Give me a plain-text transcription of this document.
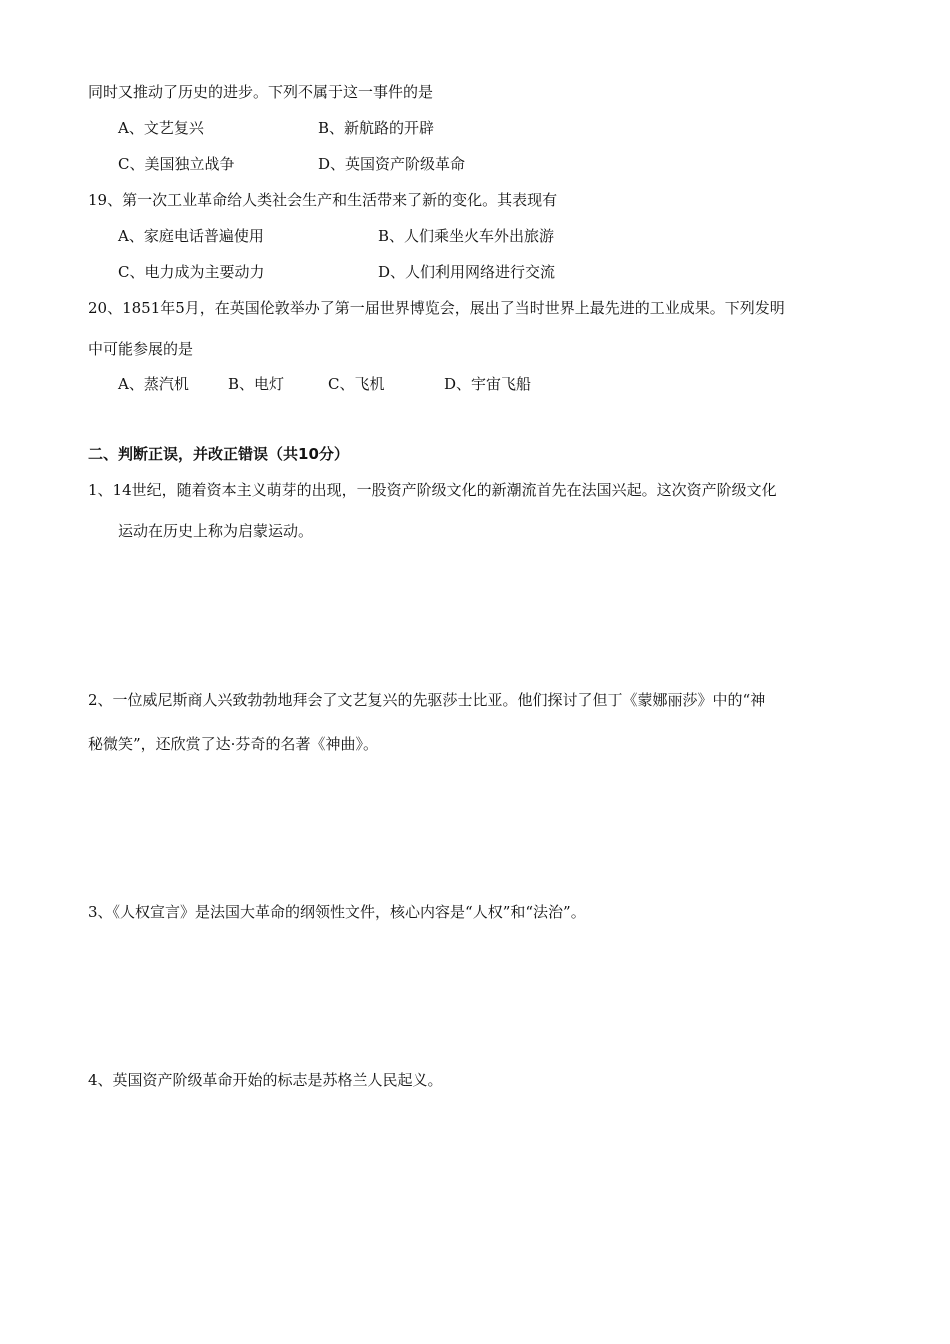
同时又推动了历史的进步。下列不属于这一事件的是
A、文艺复兴	B、新航路的开辟
C、美国独立战争	D、英国资产阶级革命
19、第一次工业革命给人类社会生产和生活带来了新的变化。其表现有
A、家庭电话普遍使用	B、人们乘坐火车外出旅游
C、电力成为主要动力	D、人们利用网络进行交流
20、1851年5月，在英国伦敦举办了第一届世界博览会，展出了当时世界上最先进的工业成果。下列发明
中可能参展的是
A、蒸汽机	B、电灯	C、飞机	D、宇宙飞船
二、判断正误，并改正错误（共10分）
1、14世纪，随着资本主义萌芽的出现，一股资产阶级文化的新潮流首先在法国兴起。这次资产阶级文化
运动在历史上称为启蒙运动。
2、一位威尼斯商人兴致勃勃地拜会了文艺复兴的先驱莎士比亚。他们探讨了但丁《蒙娜丽莎》中的“神
秘微笑”，还欣赏了达·芬奇的名著《神曲》。
3、《人权宣言》是法国大革命的纲领性文件，核心内容是“人权”和“法治”。
4、英国资产阶级革命开始的标志是苏格兰人民起义。
